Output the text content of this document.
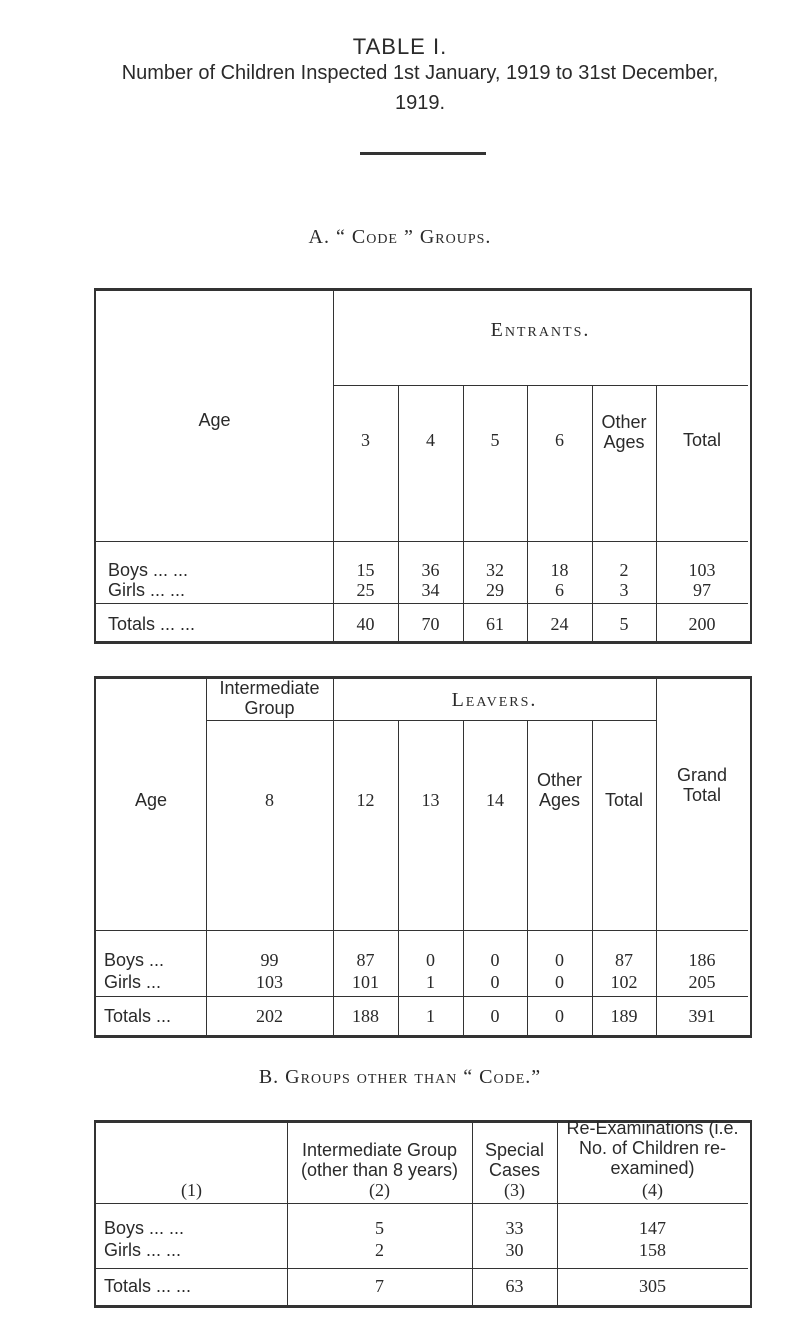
TABLE I.
Number of Children Inspected 1st January, 1919 to 31st December, 1919.
A. “ Code ” Groups.
Entrants.
Age
3	4	5	6
Other Ages	Total
Boys ... ...	15	36	32	18	2	103
Girls ... ...	25	34	29	6	3	97
Totals ... ...	40	70	61	24	5	200
Age
Intermediate Group	Leavers.
Grand Total
8	12	13	14
Other Ages	Total
Boys ...	99	87	0	0	0	87	186
Girls ...	103	101	1	0	0	102	205
Totals ...	202	188	1	0	0	189	391
B. Groups other than “ Code.”
Intermediate Group (other than 8 years)
Special Cases
Re-Examinations (i.e. No. of Children re-examined)
(1)	(2)	(3)	(4)
Boys ... ...	5	33	147
Girls ... ...	2	30	158
Totals ... ...	7	63	305
